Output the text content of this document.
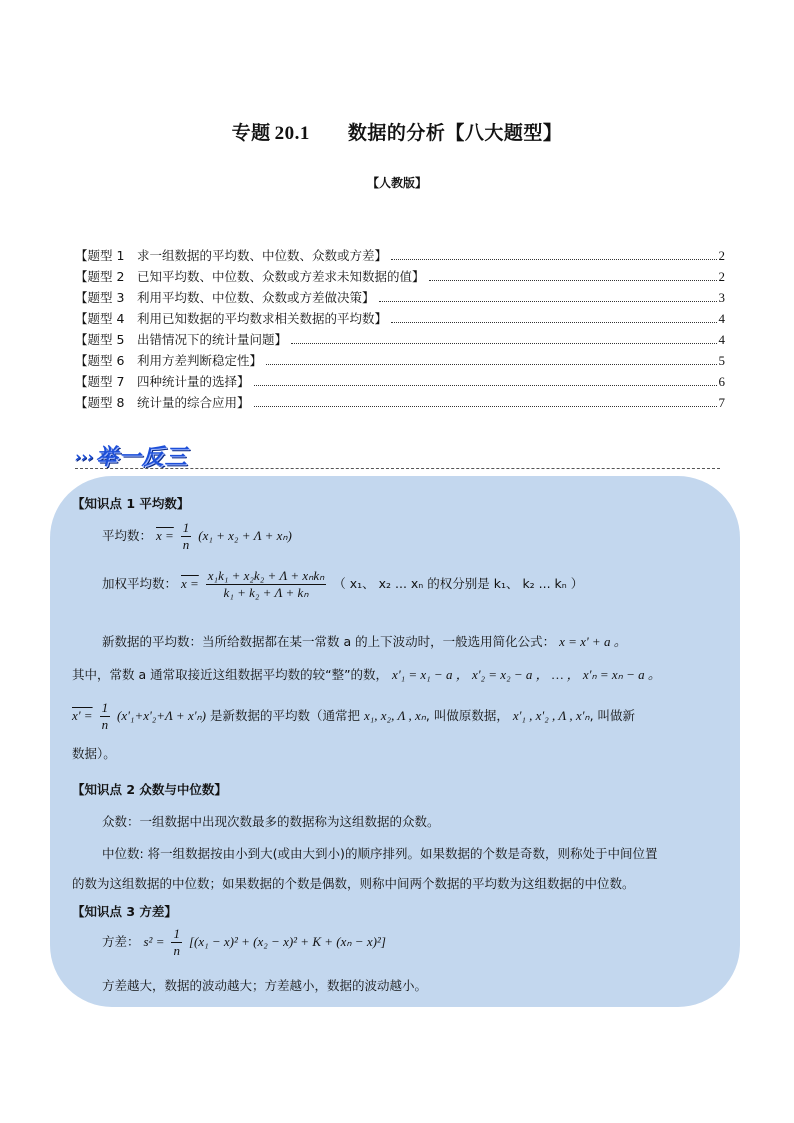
专题 20.1 数据的分析【八大题型】
【人教版】
【题型 1 求一组数据的平均数、中位数、众数或方差】	2
【题型 2 已知平均数、中位数、众数或方差求未知数据的值】	2
【题型 3 利用平均数、中位数、众数或方差做决策】	3
【题型 4 利用已知数据的平均数求相关数据的平均数】	4
【题型 5 出错情况下的统计量问题】	4
【题型 6 利用方差判断稳定性】	5
【题型 7 四种统计量的选择】	6
【题型 8 统计量的综合应用】	7
›››举一反三
【知识点 1 平均数】
平均数： $x = \frac{1}{n} (x_1 + x_2 + \Lambda + x_n)$
加权平均数： $x = \frac{\text{x₁k₁ + x₂k₂ + Λ + xₙkₙ}}{\text{k₁ + k₂ + Λ + kₙ}}$ （ x₁、 x₂ ... xₙ 的权分别是 k₁、 k₂ ... kₙ ）
新数据的平均数：当所给数据都在某一常数 a 的上下波动时，一般选用简化公式： x = x' + a 。
其中，常数 a 通常取接近这组数据平均数的较“整”的数， x'₁ = x₁ − a ， x'₂ = x₂ − a ， … ， x'ₙ = xₙ − a 。
$x' = \frac{1}{n} (x'_1+x'_2+\Lambda + x'_n)$ 是新数据的平均数（通常把 x₁, x₂, Λ , xₙ, 叫做原数据， x'₁ , x'₂ , Λ , x'ₙ, 叫做新
数据）。
【知识点 2 众数与中位数】
众数：一组数据中出现次数最多的数据称为这组数据的众数。
中位数: 将一组数据按由小到大(或由大到小)的顺序排列。如果数据的个数是奇数，则称处于中间位置
的数为这组数据的中位数；如果数据的个数是偶数，则称中间两个数据的平均数为这组数据的中位数。
【知识点 3 方差】
方差： $s^2 = \frac{1}{n} [(x_1 - x)^2 + (x_2 - x)^2 + K + (x_n - x)^2]$
方差越大，数据的波动越大；方差越小，数据的波动越小。
